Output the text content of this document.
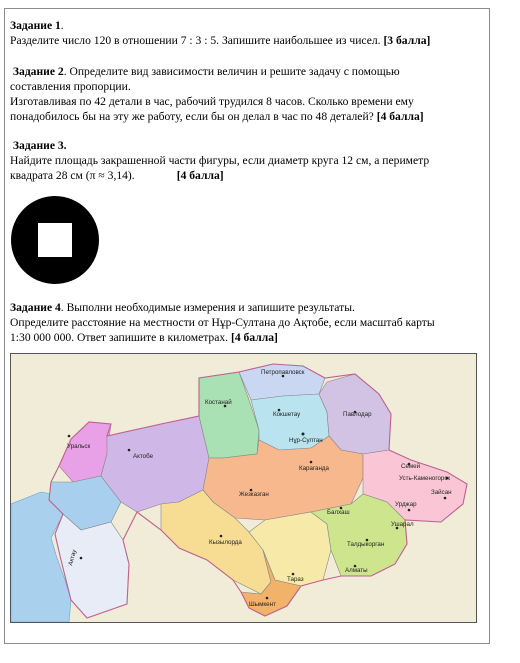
Задание 1.
Разделите число 120 в отношении 7 : 3 : 5. Запишите наибольшее из чисел. [3 балла]
Задание 2. Определите вид зависимости величин и решите задачу с помощью
составления пропорции.
Изготавливая по 42 детали в час, рабочий трудился 8 часов. Сколько времени ему
понадобилось бы на эту же работу, если бы он делал в час по 48 деталей? [4 балла]
Задание 3.
Найдите площадь закрашенной части фигуры, если диаметр круга 12 см, а периметр
квадрата 28 см (π ≈ 3,14).	[4 балла]
Задание 4. Выполни необходимые измерения и запишите результаты.
Определите расстояние на местности от Нұр-Султана до Ақтобе, если масштаб карты
1:30 000 000. Ответ запишите в километрах. [4 балла]
Петропавловск
Костанай
Кокшетау	Павлодар
Нұр-Султан
Уральск
Актобе
Караганда	Семей
Усть-Каменогорск
Жезказган	Зайсан
Балхаш
Урджар
Кызылорда
Ушарал
Талдыкорган
Актау
Алматы
Тараз
Шымкент
